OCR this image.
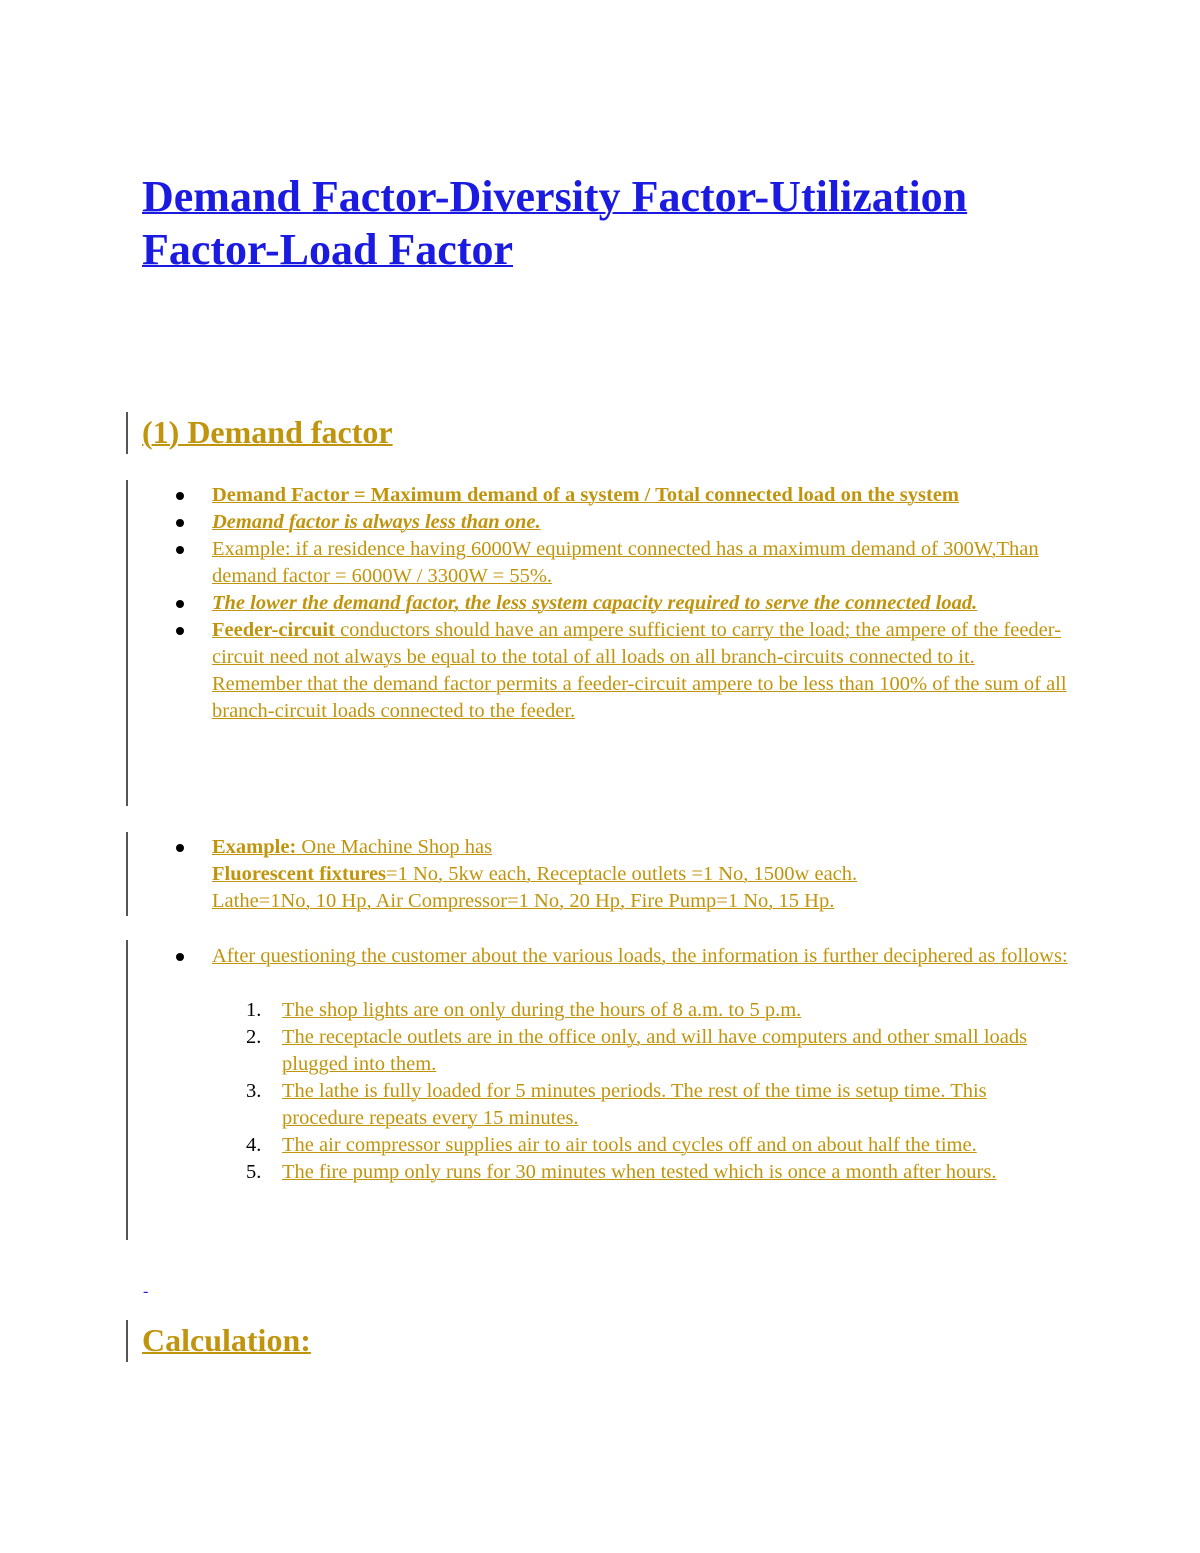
Demand Factor-Diversity Factor-Utilization Factor-Load Factor
(1) Demand factor
Demand Factor = Maximum demand of a system / Total connected load on the system
Demand factor is always less than one.
Example: if a residence having 6000W equipment connected has a maximum demand of 300W,Than demand factor = 6000W / 3300W = 55%.
The lower the demand factor, the less system capacity required to serve the connected load.
Feeder-circuit conductors should have an ampere sufficient to carry the load; the ampere of the feeder-circuit need not always be equal to the total of all loads on all branch-circuits connected to it.
Remember that the demand factor permits a feeder-circuit ampere to be less than 100% of the sum of all branch-circuit loads connected to the feeder.
Example: One Machine Shop has
Fluorescent fixtures=1 No, 5kw each, Receptacle outlets =1 No, 1500w each.
Lathe=1No, 10 Hp, Air Compressor=1 No, 20 Hp, Fire Pump=1 No, 15 Hp.
After questioning the customer about the various loads, the information is further deciphered as follows:
1. The shop lights are on only during the hours of 8 a.m. to 5 p.m.
2. The receptacle outlets are in the office only, and will have computers and other small loads plugged into them.
3. The lathe is fully loaded for 5 minutes periods. The rest of the time is setup time. This procedure repeats every 15 minutes.
4. The air compressor supplies air to air tools and cycles off and on about half the time.
5. The fire pump only runs for 30 minutes when tested which is once a month after hours.
-
Calculation:
